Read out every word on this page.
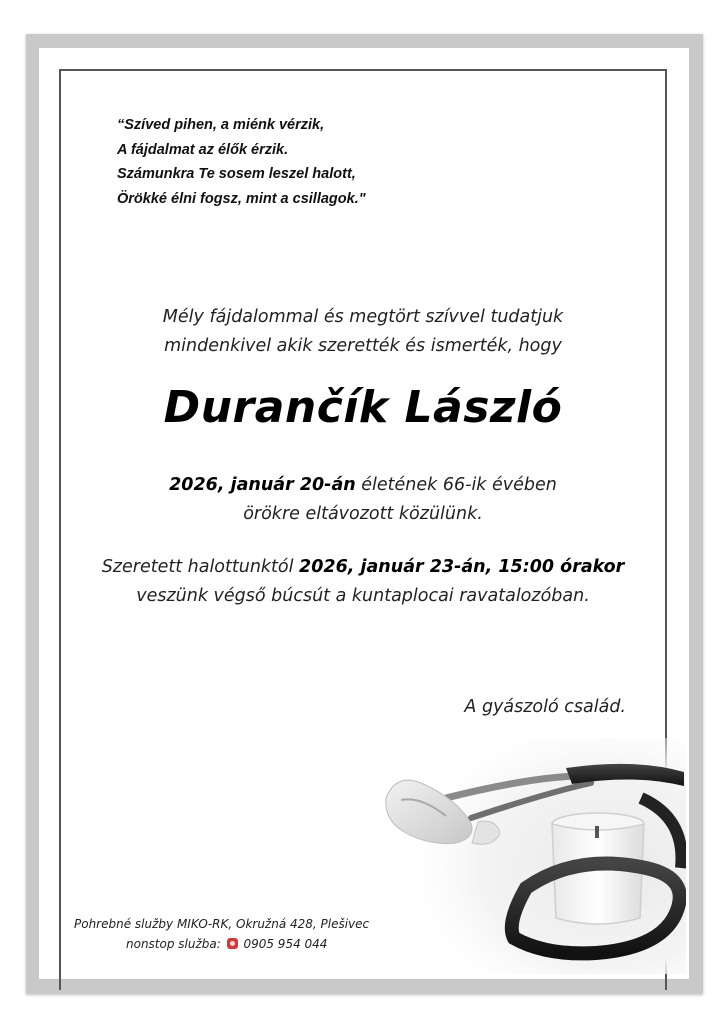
“Szíved pihen, a miénk vérzik,
A fájdalmat az élők érzik.
Számunkra Te sosem leszel halott,
Örökké élni fogsz, mint a csillagok."
Mély fájdalommal és megtört szívvel tudatjuk
mindenkivel akik szerették és ismerték, hogy
Durančík László
2026, január 20-án életének 66-ik évében
örökre eltávozott közülünk.
Szeretett halottunktól 2026, január 23-án, 15:00 órakor
veszünk végső búcsút a kuntaplocai ravatalozóban.
A gyászoló család.
Pohrebné služby MIKO-RK, Okružná 428, Plešivec
nonstop služba: 0905 954 044
